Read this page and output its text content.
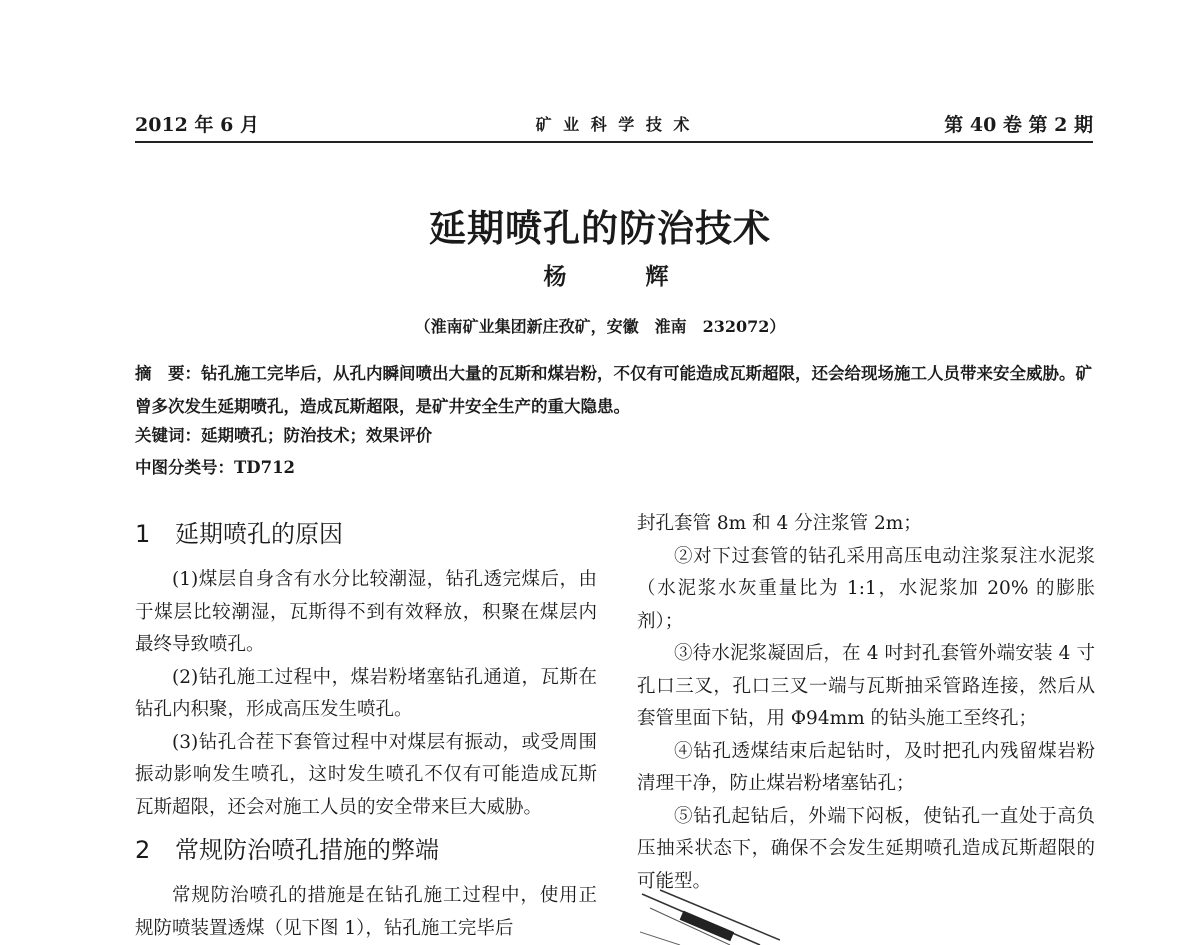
2012 年 6 月	矿 业 科 学 技 术	第 40 卷 第 2 期
延期喷孔的防治技术
杨　辉
（淮南矿业集团新庄孜矿，安徽　淮南　232072）
摘　要：钻孔施工完毕后，从孔内瞬间喷出大量的瓦斯和煤岩粉，不仅有可能造成瓦斯超限，还会给现场施工人员带来安全威胁。矿曾多次发生延期喷孔，造成瓦斯超限，是矿井安全生产的重大隐患。
关键词：延期喷孔；防治技术；效果评价
中图分类号：TD712
1 延期喷孔的原因

(1)煤层自身含有水分比较潮湿，钻孔透完煤后，由于煤层比较潮湿，瓦斯得不到有效释放，积聚在煤层内最终导致喷孔。

(2)钻孔施工过程中，煤岩粉堵塞钻孔通道，瓦斯在钻孔内积聚，形成高压发生喷孔。

(3)钻孔合茬下套管过程中对煤层有振动，或受周围振动影响发生喷孔，这时发生喷孔不仅有可能造成瓦斯瓦斯超限，还会对施工人员的安全带来巨大威胁。

2 常规防治喷孔措施的弊端

常规防治喷孔的措施是在钻孔施工过程中，使用正规防喷装置透煤（见下图 1），钻孔施工完毕后

封孔套管 8m 和 4 分注浆管 2m；

②对下过套管的钻孔采用高压电动注浆泵注水泥浆（水泥浆水灰重量比为 1:1，水泥浆加 20% 的膨胀剂）；

③待水泥浆凝固后，在 4 吋封孔套管外端安装 4 寸孔口三叉，孔口三叉一端与瓦斯抽采管路连接，然后从套管里面下钻，用 Φ94mm 的钻头施工至终孔；

④钻孔透煤结束后起钻时，及时把孔内残留煤岩粉清理干净，防止煤岩粉堵塞钻孔；

⑤钻孔起钻后，外端下闷板，使钻孔一直处于高负压抽采状态下，确保不会发生延期喷孔造成瓦斯超限的可能型。
